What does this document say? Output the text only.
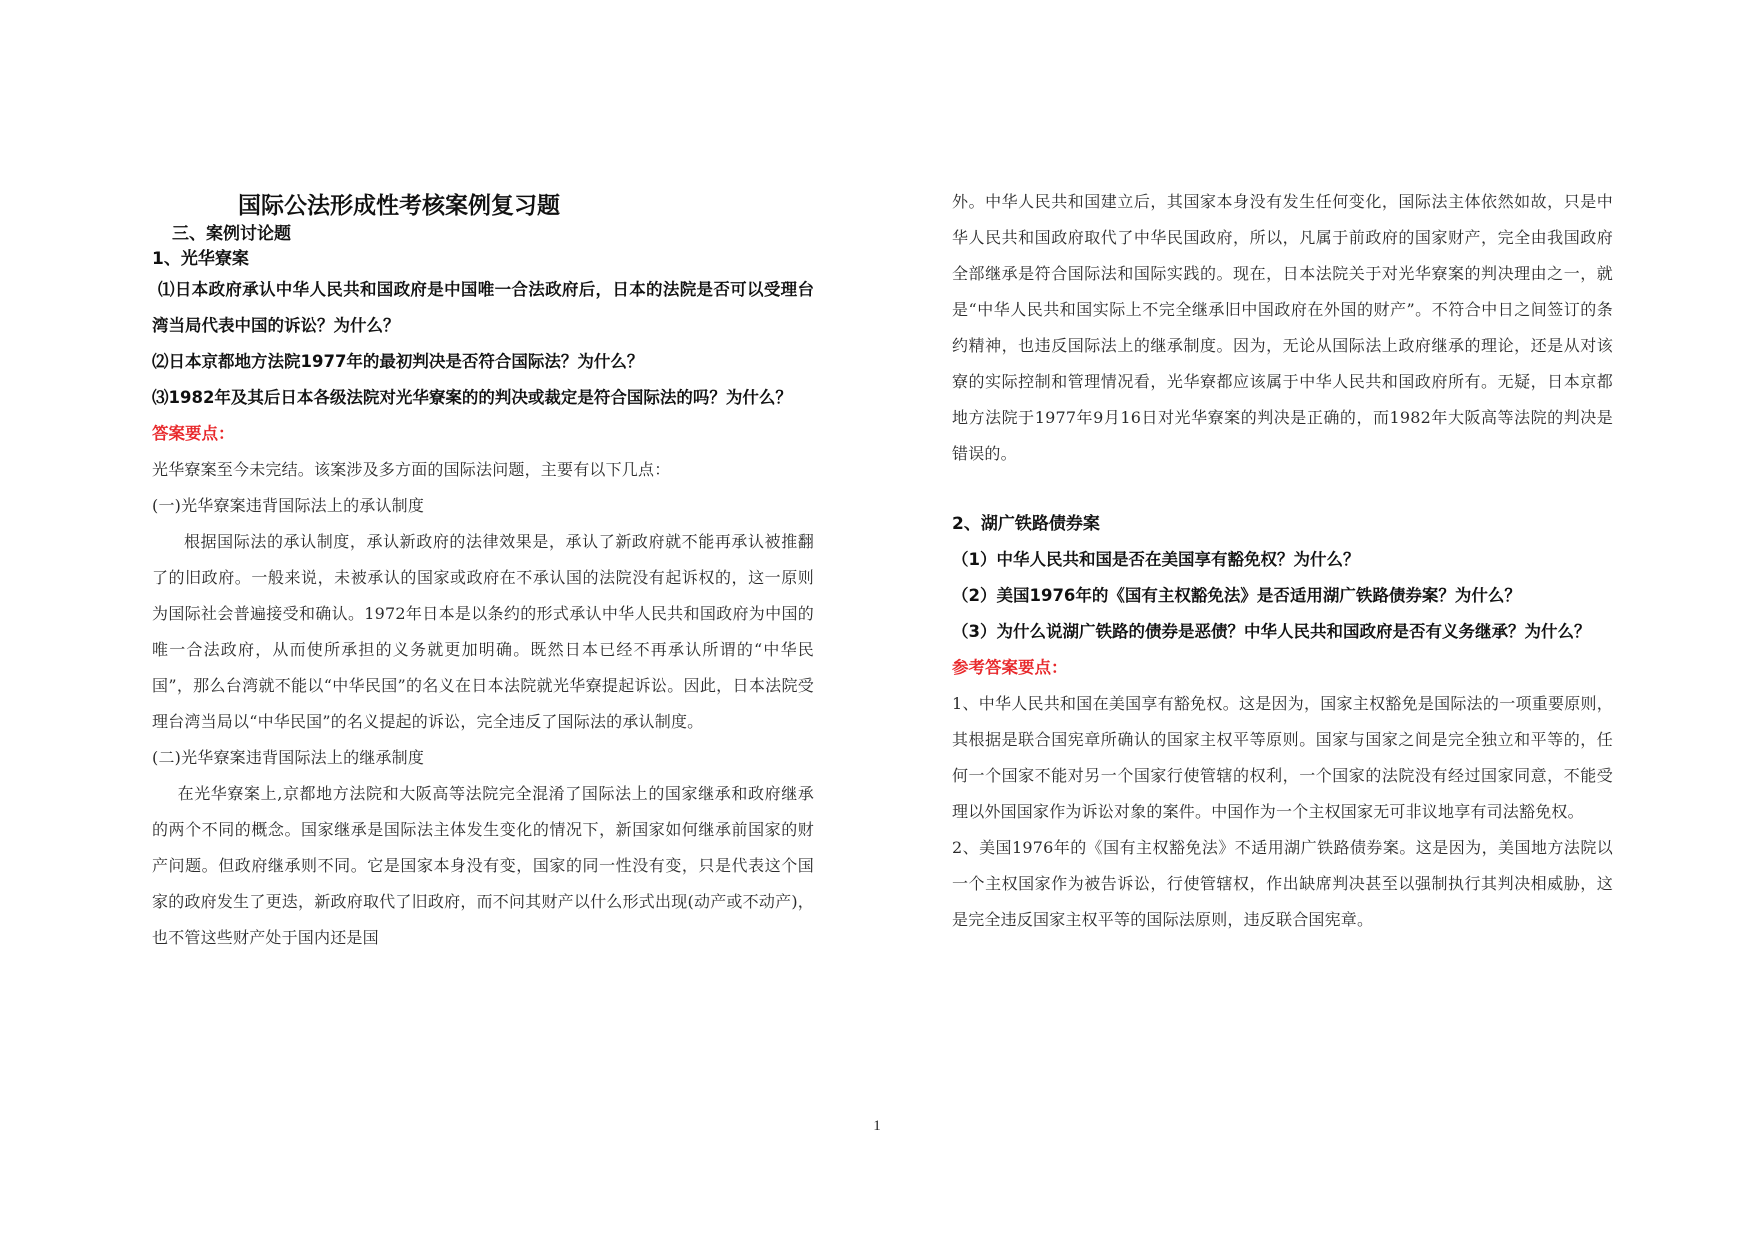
国际公法形成性考核案例复习题
三、案例讨论题
1、光华寮案

⑴日本政府承认中华人民共和国政府是中国唯一合法政府后，日本的法院是否可以受理台湾当局代表中国的诉讼？为什么？

⑵日本京都地方法院1977年的最初判决是否符合国际法？为什么？

⑶1982年及其后日本各级法院对光华寮案的的判决或裁定是符合国际法的吗？为什么？

答案要点：

光华寮案至今未完结。该案涉及多方面的国际法问题，主要有以下几点：

(一)光华寮案违背国际法上的承认制度

根据国际法的承认制度，承认新政府的法律效果是，承认了新政府就不能再承认被推翻了的旧政府。一般来说，未被承认的国家或政府在不承认国的法院没有起诉权的，这一原则为国际社会普遍接受和确认。1972年日本是以条约的形式承认中华人民共和国政府为中国的唯一合法政府，从而使所承担的义务就更加明确。既然日本已经不再承认所谓的“中华民国”，那么台湾就不能以“中华民国”的名义在日本法院就光华寮提起诉讼。因此，日本法院受理台湾当局以“中华民国”的名义提起的诉讼，完全违反了国际法的承认制度。

(二)光华寮案违背国际法上的继承制度

在光华寮案上,京都地方法院和大阪高等法院完全混淆了国际法上的国家继承和政府继承的两个不同的概念。国家继承是国际法主体发生变化的情况下，新国家如何继承前国家的财产问题。但政府继承则不同。它是国家本身没有变，国家的同一性没有变，只是代表这个国家的政府发生了更迭，新政府取代了旧政府，而不问其财产以什么形式出现(动产或不动产)，也不管这些财产处于国内还是国

外。中华人民共和国建立后，其国家本身没有发生任何变化，国际法主体依然如故，只是中华人民共和国政府取代了中华民国政府，所以，凡属于前政府的国家财产，完全由我国政府全部继承是符合国际法和国际实践的。现在，日本法院关于对光华寮案的判决理由之一，就是“中华人民共和国实际上不完全继承旧中国政府在外国的财产”。不符合中日之间签订的条约精神，也违反国际法上的继承制度。因为，无论从国际法上政府继承的理论，还是从对该寮的实际控制和管理情况看，光华寮都应该属于中华人民共和国政府所有。无疑，日本京都地方法院于1977年9月16日对光华寮案的判决是正确的，而1982年大阪高等法院的判决是错误的。

2、湖广铁路债券案

（1）中华人民共和国是否在美国享有豁免权？为什么？

（2）美国1976年的《国有主权豁免法》是否适用湖广铁路债券案？为什么？

（3）为什么说湖广铁路的债券是恶债？中华人民共和国政府是否有义务继承？为什么？

参考答案要点：

1、中华人民共和国在美国享有豁免权。这是因为，国家主权豁免是国际法的一项重要原则，其根据是联合国宪章所确认的国家主权平等原则。国家与国家之间是完全独立和平等的，任何一个国家不能对另一个国家行使管辖的权利，一个国家的法院没有经过国家同意，不能受理以外国国家作为诉讼对象的案件。中国作为一个主权国家无可非议地享有司法豁免权。

2、美国1976年的《国有主权豁免法》不适用湖广铁路债券案。这是因为，美国地方法院以一个主权国家作为被告诉讼，行使管辖权，作出缺席判决甚至以强制执行其判决相威胁，这是完全违反国家主权平等的国际法原则，违反联合国宪章。

1
